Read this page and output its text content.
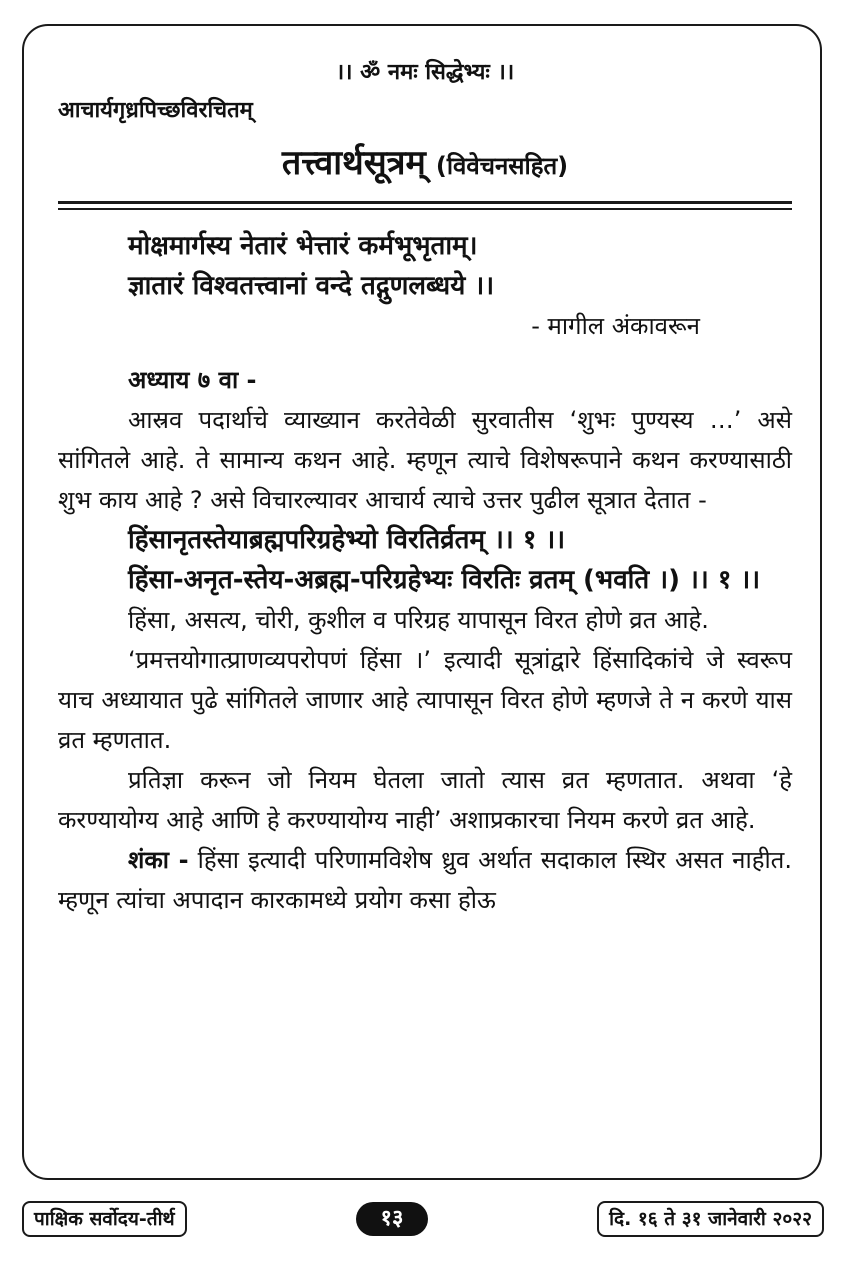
।। ॐ नमः सिद्धेभ्यः ।।
आचार्यगृध्रपिच्छविरचितम्
तत्त्वार्थसूत्रम् (विवेचनसहित)
मोक्षमार्गस्य नेतारं भेत्तारं कर्मभूभृताम्।
ज्ञातारं विश्वतत्त्वानां वन्दे तद्गुणलब्धये ।।
- मागील अंकावरून
अध्याय ७ वा -

आस्रव पदार्थाचे व्याख्यान करतेवेळी सुरवातीस ‘शुभः पुण्यस्य …’ असे सांगितले आहे. ते सामान्य कथन आहे. म्हणून त्याचे विशेषरूपाने कथन करण्यासाठी शुभ काय आहे ? असे विचारल्यावर आचार्य त्याचे उत्तर पुढील सूत्रात देतात -

हिंसानृतस्तेयाब्रह्मपरिग्रहेभ्यो विरतिर्व्रतम् ।। १ ।।

हिंसा-अनृत-स्तेय-अब्रह्म-परिग्रहेभ्यः विरतिः व्रतम् (भवति ।) ।। १ ।।

हिंसा, असत्य, चोरी, कुशील व परिग्रह यापासून विरत होणे व्रत आहे.

‘प्रमत्तयोगात्प्राणव्यपरोपणं हिंसा ।’ इत्यादी सूत्रांद्वारे हिंसादिकांचे जे स्वरूप याच अध्यायात पुढे सांगितले जाणार आहे त्यापासून विरत होणे म्हणजे ते न करणे यास व्रत म्हणतात.

प्रतिज्ञा करून जो नियम घेतला जातो त्यास व्रत म्हणतात. अथवा ‘हे करण्यायोग्य आहे आणि हे करण्यायोग्य नाही’ अशाप्रकारचा नियम करणे व्रत आहे.

शंका - हिंसा इत्यादी परिणामविशेष ध्रुव अर्थात सदाकाल स्थिर असत नाहीत. म्हणून त्यांचा अपादान कारकामध्ये प्रयोग कसा होऊ

पाक्षिक सर्वोदय-तीर्थ	१३	दि. १६ ते ३१ जानेवारी २०२२
